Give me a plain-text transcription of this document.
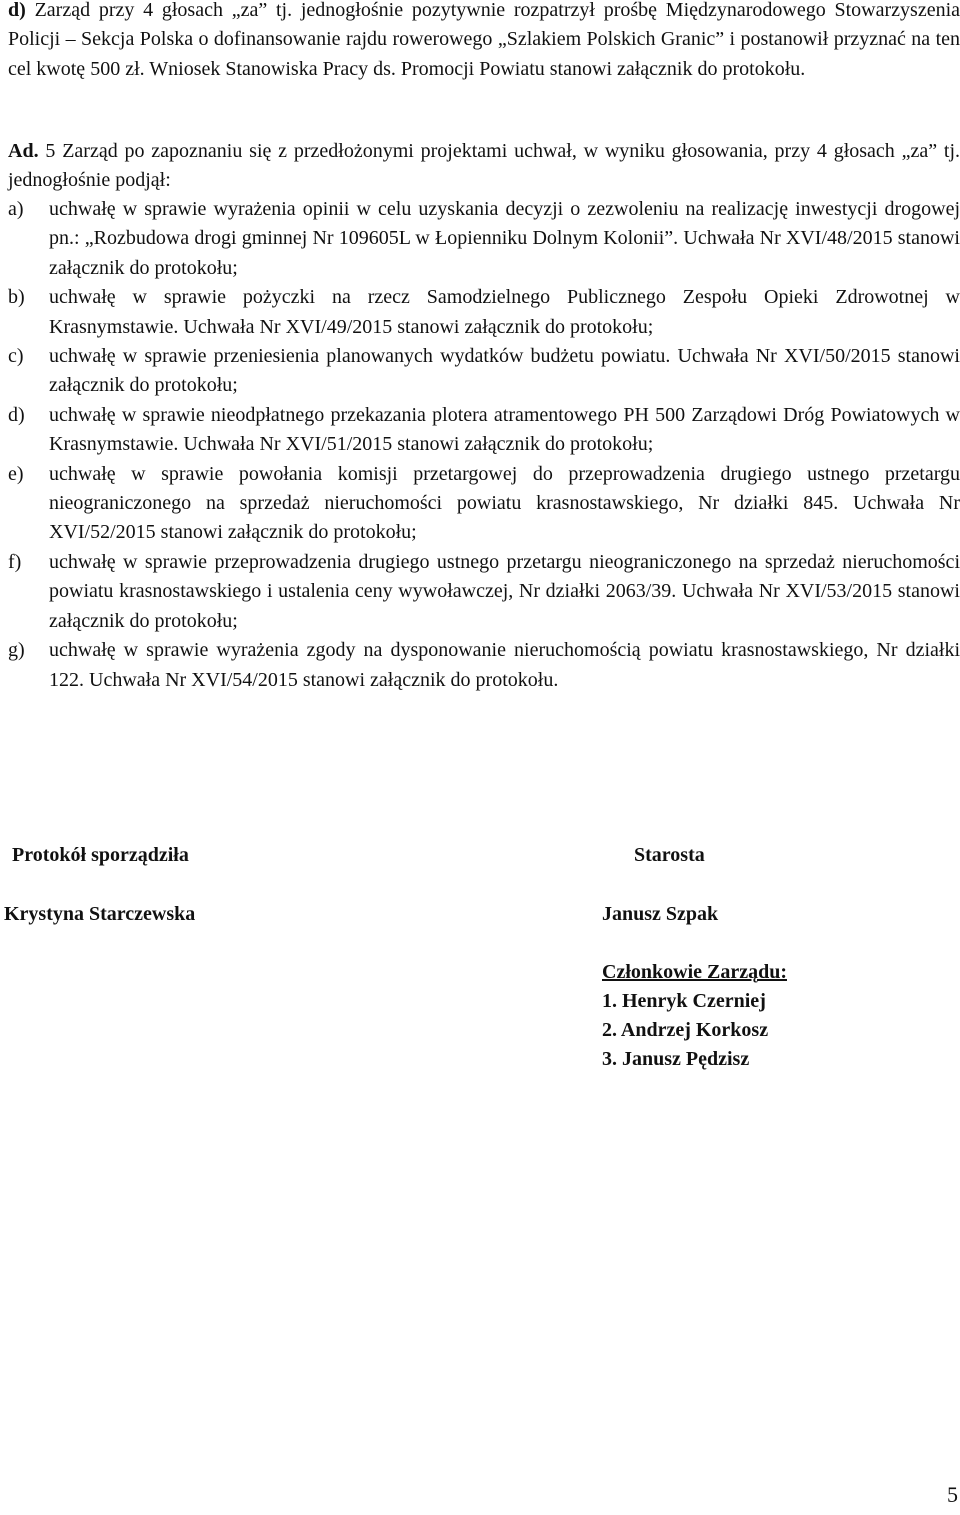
d) Zarząd przy 4 głosach „za” tj. jednogłośnie pozytywnie rozpatrzył prośbę Międzynarodowego Stowarzyszenia Policji – Sekcja Polska o dofinansowanie rajdu rowerowego „Szlakiem Polskich Granic” i postanowił przyznać na ten cel kwotę 500 zł. Wniosek Stanowiska Pracy ds. Promocji Powiatu stanowi załącznik do protokołu.
Ad. 5 Zarząd po zapoznaniu się z przedłożonymi projektami uchwał, w wyniku głosowania, przy 4 głosach „za” tj. jednogłośnie podjął:
a) uchwałę w sprawie wyrażenia opinii w celu uzyskania decyzji o zezwoleniu na realizację inwestycji drogowej pn.: „Rozbudowa drogi gminnej Nr 109605L w Łopienniku Dolnym Kolonii”. Uchwała Nr XVI/48/2015 stanowi załącznik do protokołu;
b) uchwałę w sprawie pożyczki na rzecz Samodzielnego Publicznego Zespołu Opieki Zdrowotnej w Krasnymstawie. Uchwała Nr XVI/49/2015 stanowi załącznik do protokołu;
c) uchwałę w sprawie przeniesienia planowanych wydatków budżetu powiatu. Uchwała Nr XVI/50/2015 stanowi załącznik do protokołu;
d) uchwałę w sprawie nieodpłatnego przekazania plotera atramentowego PH 500 Zarządowi Dróg Powiatowych w Krasnymstawie. Uchwała Nr XVI/51/2015 stanowi załącznik do protokołu;
e) uchwałę w sprawie powołania komisji przetargowej do przeprowadzenia drugiego ustnego przetargu nieograniczonego na sprzedaż nieruchomości powiatu krasnostawskiego, Nr działki 845. Uchwała Nr XVI/52/2015 stanowi załącznik do protokołu;
f) uchwałę w sprawie przeprowadzenia drugiego ustnego przetargu nieograniczonego na sprzedaż nieruchomości powiatu krasnostawskiego i ustalenia ceny wywoławczej, Nr działki 2063/39. Uchwała Nr XVI/53/2015 stanowi załącznik do protokołu;
g) uchwałę w sprawie wyrażenia zgody na dysponowanie nieruchomością powiatu krasnostawskiego, Nr działki 122. Uchwała Nr XVI/54/2015 stanowi załącznik do protokołu.
Protokół sporządziła
Krystyna Starczewska
Starosta
Janusz Szpak
Członkowie Zarządu:
1. Henryk Czerniej
2. Andrzej Korkosz
3. Janusz Pędzisz
5
